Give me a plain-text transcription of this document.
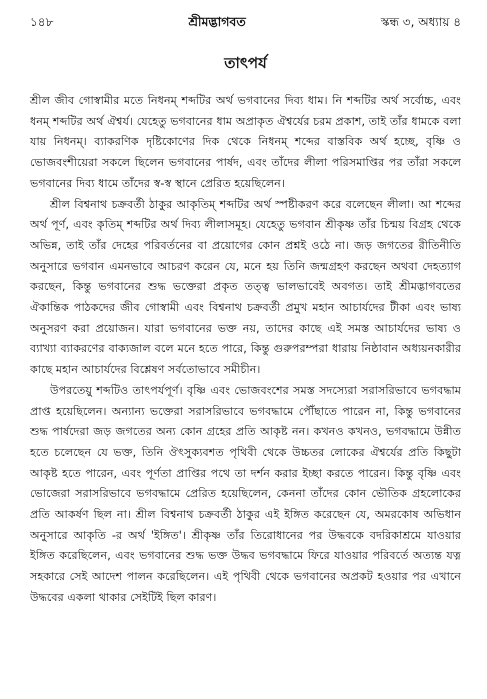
১৪৮	শ্রীমদ্ভাগবত	স্কন্ধ ৩, অধ্যায় ৪
তাৎপর্য

শ্রীল জীব গোস্বামীর মতে নিধনম্ শব্দটির অর্থ ভগবানের দিব্য ধাম। নি শব্দটির অর্থ সর্বোচ্চ, এবং ধনম্ শব্দটির অর্থ ঐশ্বর্য। যেহেতু ভগবানের ধাম অপ্রাকৃত ঐশ্বর্যের চরম প্রকাশ, তাই তাঁর ধামকে বলা যায় নিধনম্। ব্যাকরণিক দৃষ্টিকোণের দিক থেকে নিধনম্ শব্দের বাস্তবিক অর্থ হচ্ছে, বৃষ্ণি ও ভোজবংশীয়েরা সকলে ছিলেন ভগবানের পার্ষদ, এবং তাঁদের লীলা পরিসমাপ্তির পর তাঁরা সকলে ভগবানের দিব্য ধামে তাঁদের স্ব-স্ব স্থানে প্রেরিত হয়েছিলেন।

শ্রীল বিশ্বনাথ চক্রবর্তী ঠাকুর আকৃতিম্ শব্দটির অর্থ স্পষ্টীকরণ করে বলেছেন লীলা। আ শব্দের অর্থ পূর্ণ, এবং কৃতিম্ শব্দটির অর্থ দিব্য লীলাসমূহ। যেহেতু ভগবান শ্রীকৃষ্ণ তাঁর চিন্ময় বিগ্রহ থেকে অভিন্ন, তাই তাঁর দেহের পরিবর্তনের বা প্রয়োগের কোন প্রশ্নই ওঠে না। জড় জগতের রীতিনীতি অনুসারে ভগবান এমনভাবে আচরণ করেন যে, মনে হয় তিনি জন্মগ্রহণ করছেন অথবা দেহত্যাগ করছেন, কিন্তু ভগবানের শুদ্ধ ভক্তেরা প্রকৃত তত্ত্ব ভালভাবেই অবগত। তাই শ্রীমদ্ভাগবতের ঐকান্তিক পাঠকদের জীব গোস্বামী এবং বিশ্বনাথ চক্রবর্তী প্রমুখ মহান আচার্যদের টীকা এবং ভাষ্য অনুসরণ করা প্রয়োজন। যারা ভগবানের ভক্ত নয়, তাদের কাছে এই সমস্ত আচার্যদের ভাষ্য ও ব্যাখ্যা ব্যাকরণের বাক্যজাল বলে মনে হতে পারে, কিন্তু গুরুপরম্পরা ধারায় নিষ্ঠাবান অধ্যয়নকারীর কাছে মহান আচার্যদের বিশ্লেষণ সর্বতোভাবে সমীচীন।

উপরতেয়ু শব্দটিও তাৎপর্যপূর্ণ। বৃষ্ণি এবং ভোজবংশের সমস্ত সদস্যেরা সরাসরিভাবে ভগবদ্ধাম প্রাপ্ত হয়েছিলেন। অন্যান্য ভক্তেরা সরাসরিভাবে ভগবদ্ধামে পৌঁছাতে পারেন না, কিন্তু ভগবানের শুদ্ধ পার্ষদেরা জড় জগতের অন্য কোন গ্রহের প্রতি আকৃষ্ট নন। কখনও কখনও, ভগবদ্ধামে উন্নীত হতে চলেছেন যে ভক্ত, তিনি ঔৎসুক্যবশত পৃথিবী থেকে উচ্চতর লোকের ঐশ্বর্যের প্রতি কিছুটা আকৃষ্ট হতে পারেন, এবং পূর্ণতা প্রাপ্তির পথে তা দর্শন করার ইচ্ছা করতে পারেন। কিন্তু বৃষ্ণি এবং ভোজেরা সরাসরিভাবে ভগবদ্ধামে প্রেরিত হয়েছিলেন, কেননা তাঁদের কোন ভৌতিক গ্রহলোকের প্রতি আকর্ষণ ছিল না। শ্রীল বিশ্বনাথ চক্রবর্তী ঠাকুর এই ইঙ্গিত করেছেন যে, অমরকোষ অভিধান অনুসারে আকৃতি -র অর্থ 'ইঙ্গিত'। শ্রীকৃষ্ণ তাঁর তিরোধানের পর উদ্ধবকে বদরিকাশ্রমে যাওয়ার ইঙ্গিত করেছিলেন, এবং ভগবানের শুদ্ধ ভক্ত উদ্ধব ভগবদ্ধামে ফিরে যাওয়ার পরিবর্তে অত্যন্ত যত্ন সহকারে সেই আদেশ পালন করেছিলেন। এই পৃথিবী থেকে ভগবানের অপ্রকট হওয়ার পর এখানে উদ্ধবের একলা থাকার সেইটিই ছিল কারণ।
